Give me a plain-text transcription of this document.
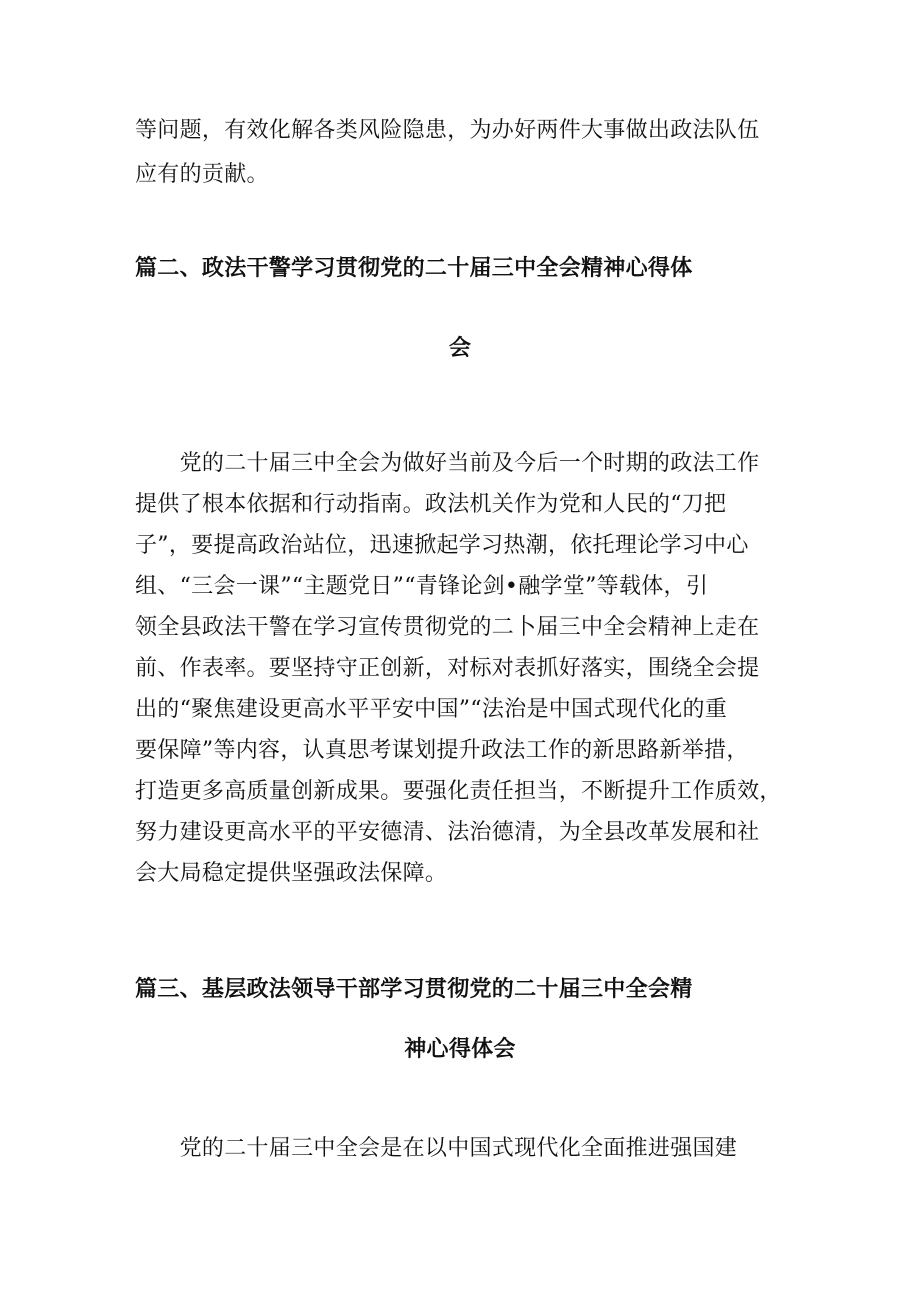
等问题，有效化解各类风险隐患，为办好两件大事做出政法队伍
应有的贡献。
篇二、政法干警学习贯彻党的二十届三中全会精神心得体
会
　　党的二十届三中全会为做好当前及今后一个时期的政法工作
提供了根本依据和行动指南。政法机关作为党和人民的“刀把
子”，要提高政治站位，迅速掀起学习热潮，依托理论学习中心
组、“三会一课”“主题党日”“青锋论剑•融学堂”等载体，引
领全县政法干警在学习宣传贯彻党的二卜届三中全会精神上走在
前、作表率。要坚持守正创新，对标对表抓好落实，围绕全会提
出的“聚焦建设更高水平平安中国”“法治是中国式现代化的重
要保障”等内容，认真思考谋划提升政法工作的新思路新举措，
打造更多高质量创新成果。要强化责任担当，不断提升工作质效，
努力建设更高水平的平安德清、法治德清，为全县改革发展和社
会大局稳定提供坚强政法保障。
篇三、基层政法领导干部学习贯彻党的二十届三中全会精
神心得体会
　　党的二十届三中全会是在以中国式现代化全面推进强国建
